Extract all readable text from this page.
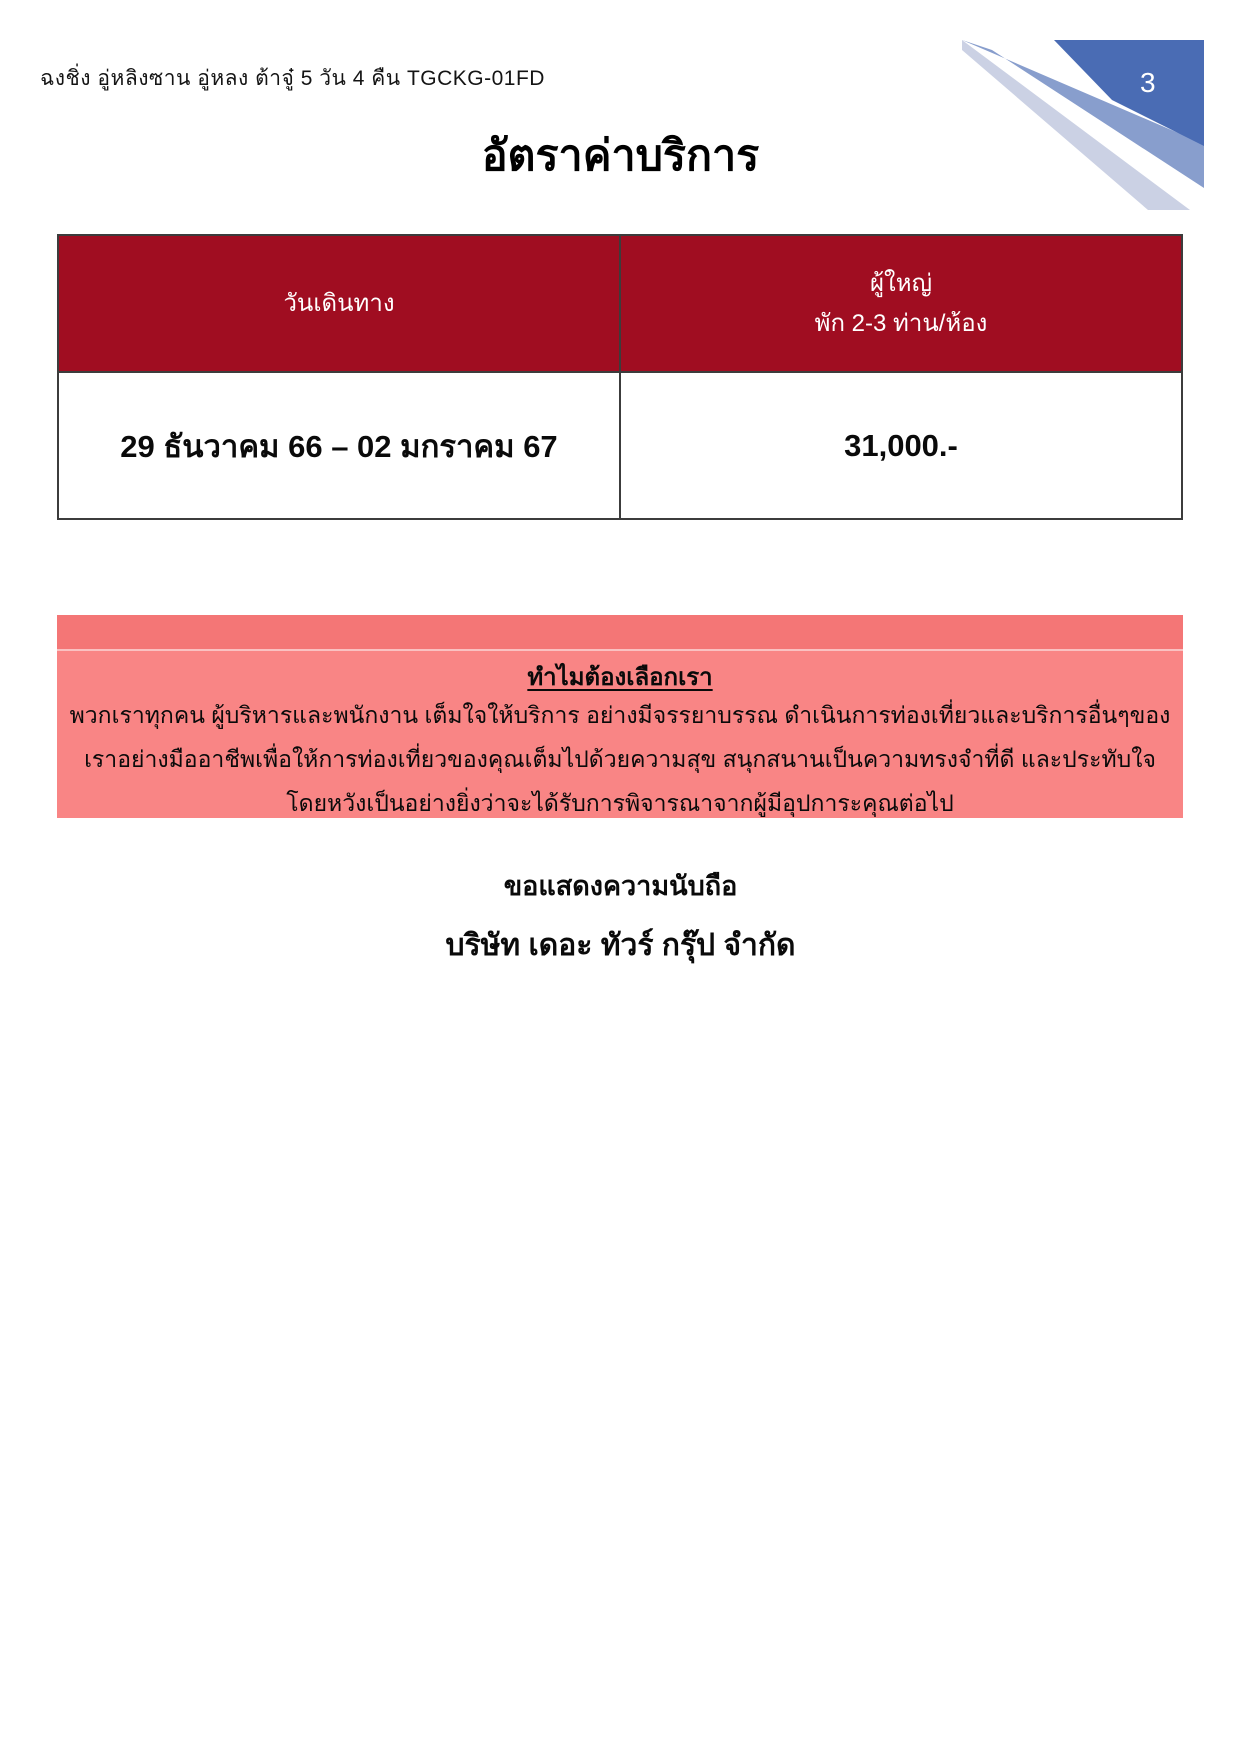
ฉงชิ่ง อู่หลิงซาน อู่หลง ต้าจู๋ 5 วัน 4 คืน TGCKG-01FD	3
อัตราค่าบริการ
วันเดินทาง	ผู้ใหญ่
พัก 2-3 ท่าน/ห้อง

29 ธันวาคม 66 – 02 มกราคม 67	31,000.-
ทำไมต้องเลือกเรา
พวกเราทุกคน ผู้บริหารและพนักงาน เต็มใจให้บริการ อย่างมีจรรยาบรรณ ดำเนินการท่องเที่ยวและบริการอื่นๆของเราอย่างมืออาชีพเพื่อให้การท่องเที่ยวของคุณเต็มไปด้วยความสุข สนุกสนานเป็นความทรงจำที่ดี และประทับใจ โดยหวังเป็นอย่างยิ่งว่าจะได้รับการพิจารณาจากผู้มีอุปการะคุณต่อไป
ขอแสดงความนับถือ
บริษัท เดอะ ทัวร์ กรุ๊ป จำกัด
